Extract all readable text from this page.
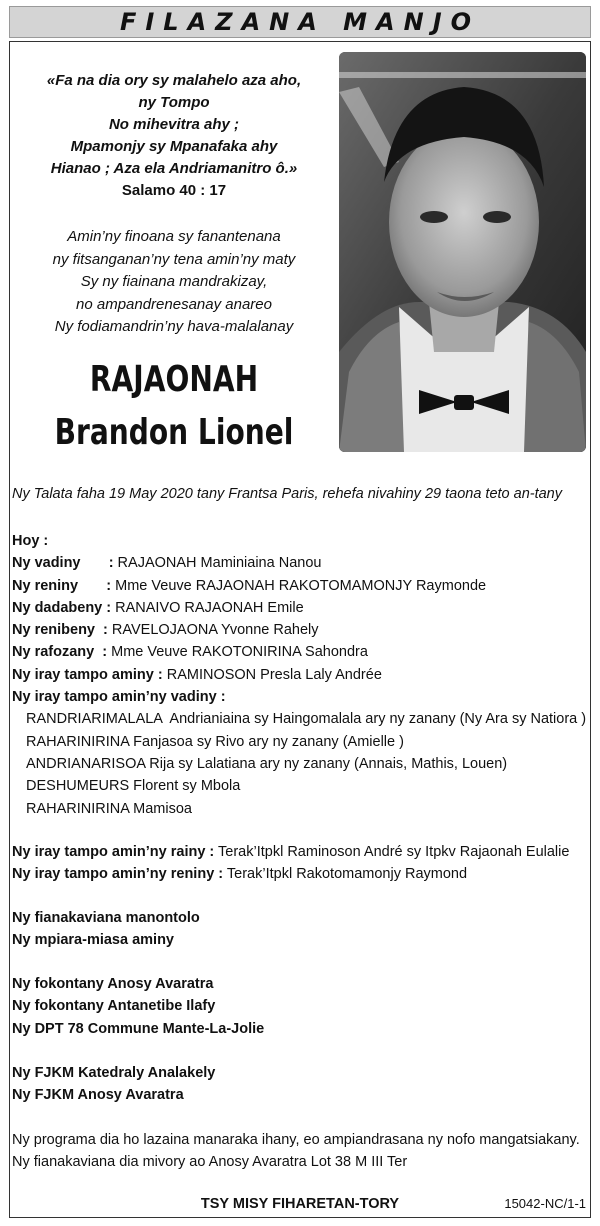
FILAZANA MANJO
«Fa na dia ory sy malahelo aza aho,
ny Tompo
No mihevitra ahy ;
Mpamonjy sy Mpanafaka ahy
Hianao ; Aza ela Andriamanitro ô.»
Salamo 40 : 17
Amin’ny finoana sy fanantenana
ny fitsanganan’ny tena amin’ny maty
Sy ny fiainana mandrakizay,
no ampandrenesanay anareo
Ny fodiamandrin’ny hava-malalanay
RAJAONAH
Brandon Lionel
Ny Talata faha 19 May 2020 tany Frantsa Paris, rehefa nivahiny 29 taona teto an-tany
Hoy :
Ny vadiny       : RAJAONAH Maminiaina Nanou
Ny reniny       : Mme Veuve RAJAONAH RAKOTOMAMONJY Raymonde
Ny dadabeny : RANAIVO RAJAONAH Emile
Ny renibeny  : RAVELOJAONA Yvonne Rahely
Ny rafozany  : Mme Veuve RAKOTONIRINA Sahondra
Ny iray tampo aminy : RAMINOSON Presla Laly Andrée
Ny iray tampo amin’ny vadiny :
RANDRIARIMALALA  Andrianiaina sy Haingomalala ary ny zanany (Ny Ara sy Natiora )
RAHARINIRINA Fanjasoa sy Rivo ary ny zanany (Amielle )
ANDRIANARISOA Rija sy Lalatiana ary ny zanany (Annais, Mathis, Louen)
DESHUMEURS Florent sy Mbola
RAHARINIRINA Mamisoa
Ny iray tampo amin’ny rainy : Terak’Itpkl Raminoson André sy Itpkv Rajaonah Eulalie
Ny iray tampo amin’ny reniny : Terak’Itpkl Rakotomamonjy Raymond
Ny fianakaviana manontolo
Ny mpiara-miasa aminy
Ny fokontany Anosy Avaratra
Ny fokontany Antanetibe Ilafy
Ny DPT 78 Commune Mante-La-Jolie
Ny FJKM Katedraly Analakely
Ny FJKM Anosy Avaratra
Ny programa dia ho lazaina manaraka ihany, eo ampiandrasana ny nofo mangatsiakany.
Ny fianakaviana dia mivory ao Anosy Avaratra Lot 38 M III Ter
TSY MISY FIHARETAN-TORY	15042-NC/1-1
